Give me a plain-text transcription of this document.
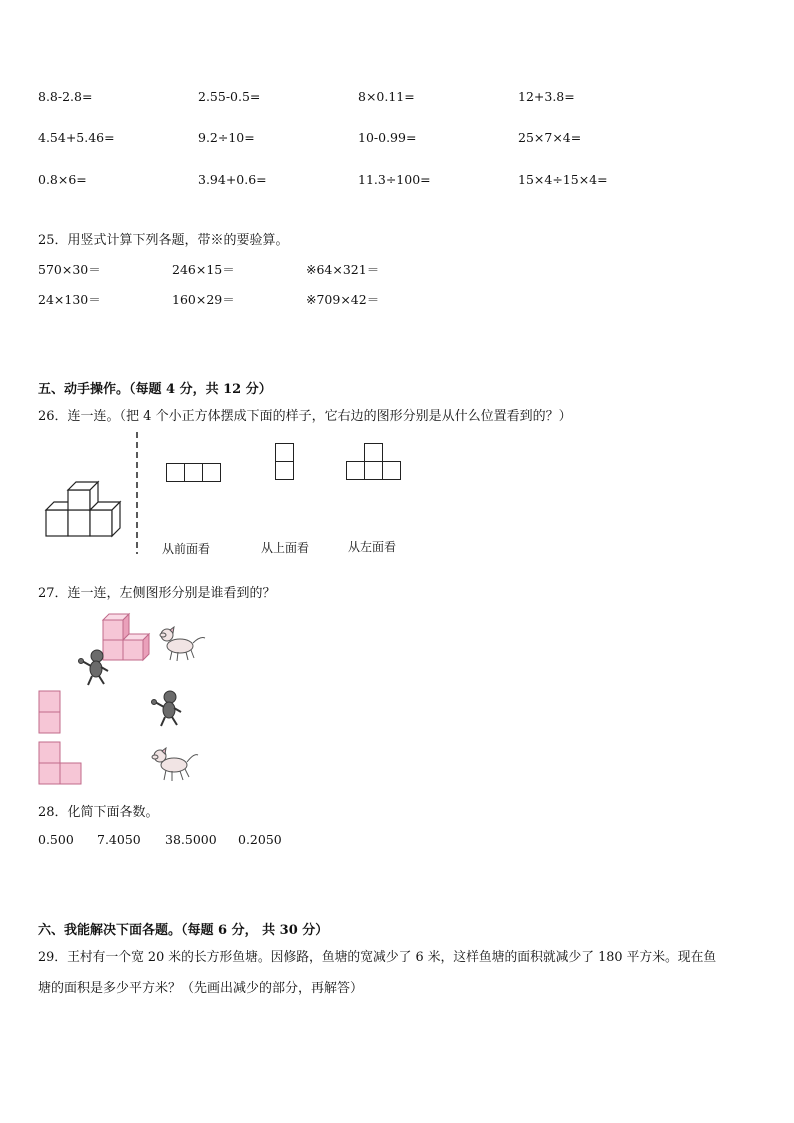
8.8-2.8=	2.55-0.5=	8×0.11=	12+3.8=
4.54+5.46=	9.2÷10=	10-0.99=	25×7×4=
0.8×6=	3.94+0.6=	11.3÷100=	15×4÷15×4=
25．用竖式计算下列各题，带※的要验算。
570×30＝	246×15＝	※64×321＝
24×130＝	160×29＝	※709×42＝
五、动手操作。（每题 4 分，共 12 分）
26．连一连。（把 4 个小正方体摆成下面的样子，它右边的图形分别是从什么位置看到的？）
从前面看	从上面看	从左面看
27．连一连，左侧图形分别是谁看到的？
28．化简下面各数。
0.500 7.4050 38.5000 0.2050
六、我能解决下面各题。（每题 6 分， 共 30 分）
29．王村有一个宽 20 米的长方形鱼塘。因修路，鱼塘的宽减少了 6 米，这样鱼塘的面积就减少了 180 平方米。现在鱼
塘的面积是多少平方米？（先画出减少的部分，再解答）
